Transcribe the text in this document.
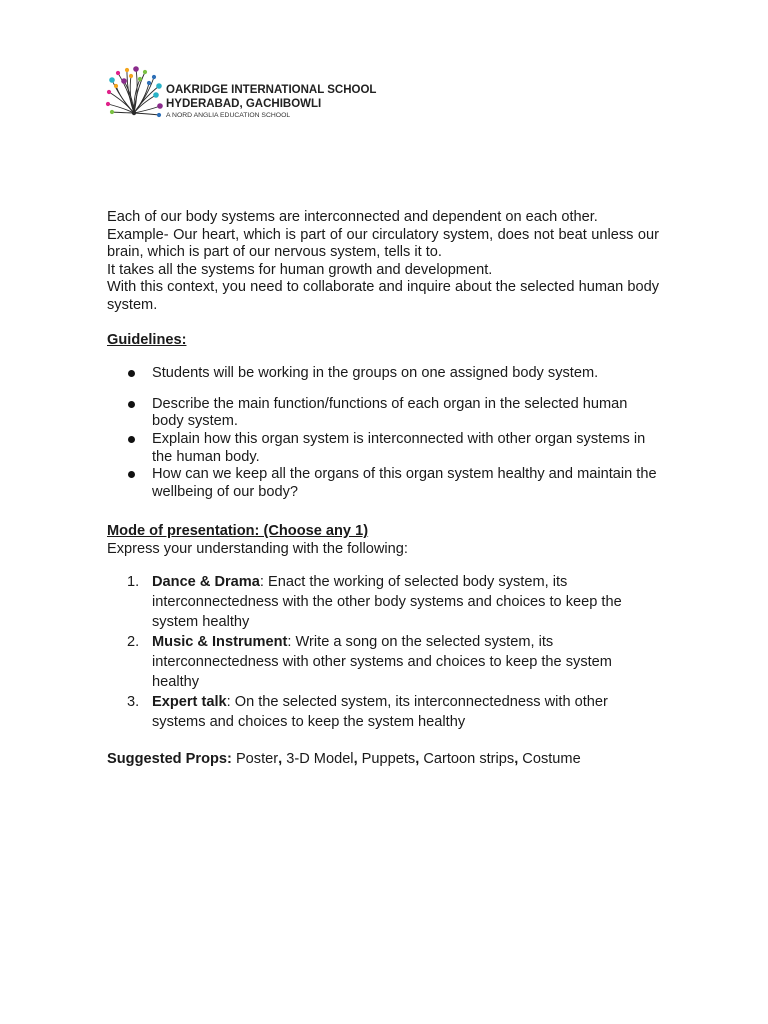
OAKRIDGE INTERNATIONAL SCHOOL
HYDERABAD, GACHIBOWLI
A NORD ANGLIA EDUCATION SCHOOL

Each of our body systems are interconnected and dependent on each other.

Example- Our heart, which is part of our circulatory system, does not beat unless our brain, which is part of our nervous system, tells it to.

It takes all the systems for human growth and development.

With this context, you need to collaborate and inquire about the selected human body system.

Guidelines:

Students will be working in the groups on one assigned body system.
Describe the main function/functions of each organ in the selected human body system.
Explain how this organ system is interconnected with other organ systems in the human body.
How can we keep all the organs of this organ system healthy and maintain the wellbeing of our body?

Mode of presentation: (Choose any 1)

Express your understanding with the following:

1. Dance & Drama: Enact the working of selected body system, its interconnectedness with the other body systems and choices to keep the system healthy
2. Music & Instrument: Write a song on the selected system, its interconnectedness with other systems and choices to keep the system healthy
3. Expert talk: On the selected system, its interconnectedness with other systems and choices to keep the system healthy

Suggested Props: Poster, 3-D Model, Puppets, Cartoon strips, Costume
